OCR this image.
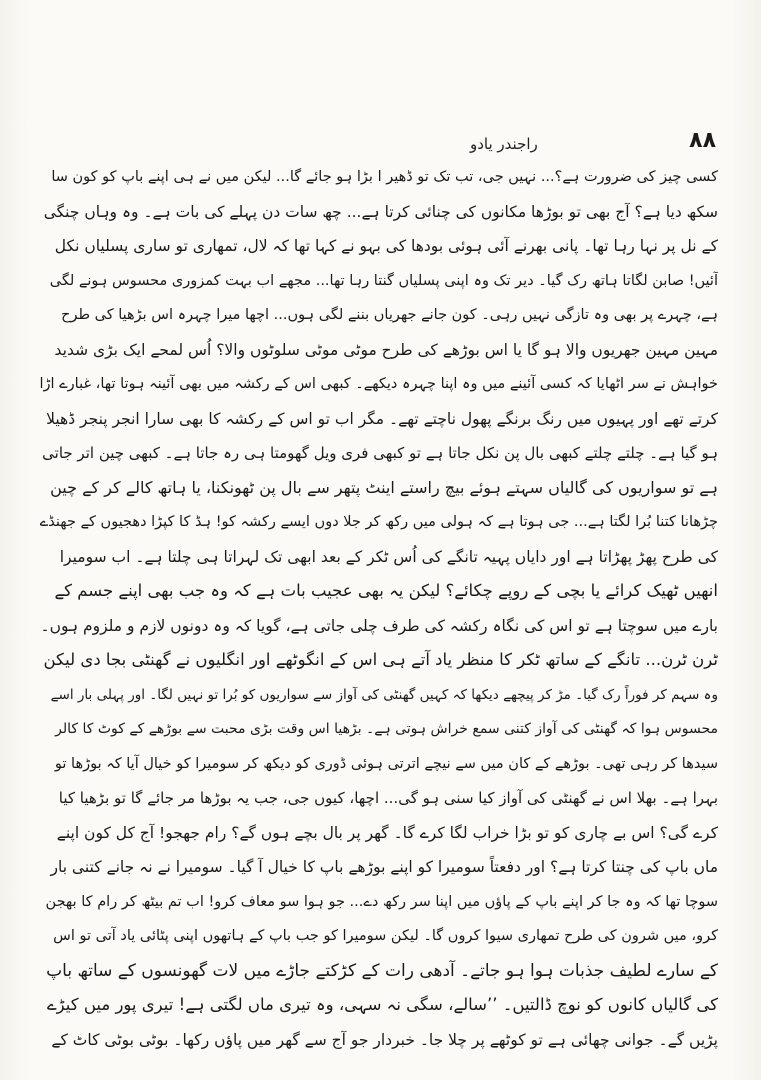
۸۸
راجندر یادو
کسی چیز کی ضرورت ہے؟... نہیں جی، تب تک تو ڈھیر ا بڑا ہو جائے گا... لیکن میں نے ہی اپنے باپ کو کون سا
سکھ دیا ہے؟ آج بھی تو بوڑھا مکانوں کی چنائی کرتا ہے... چھ سات دن پہلے کی بات ہے۔ وہ وہاں چنگی
کے نل پر نہا رہا تھا۔ پانی بھرنے آئی ہوئی بودھا کی بہو نے کہا تھا کہ لال، تمھاری تو ساری پسلیاں نکل
آئیں! صابن لگاتا ہاتھ رک گیا۔ دیر تک وہ اپنی پسلیاں گنتا رہا تھا... مجھے اب بہت کمزوری محسوس ہونے لگی
ہے، چہرے پر بھی وہ تازگی نہیں رہی۔ کون جانے جھریاں بننے لگی ہوں... اچھا میرا چہرہ اس بڑھیا کی طرح
مہین مہین جھریوں والا ہو گا یا اس بوڑھے کی طرح موٹی موٹی سلوٹوں والا؟ اُس لمحے ایک بڑی شدید
خواہش نے سر اٹھایا کہ کسی آئینے میں وہ اپنا چہرہ دیکھے۔ کبھی اس کے رکشہ میں بھی آئینہ ہوتا تھا، غبارے اڑا
کرتے تھے اور پہیوں میں رنگ برنگے پھول ناچتے تھے۔ مگر اب تو اس کے رکشہ کا بھی سارا انجر پنجر ڈھیلا
ہو گیا ہے۔ چلتے چلتے کبھی بال پن نکل جاتا ہے تو کبھی فری ویل گھومتا ہی رہ جاتا ہے۔ کبھی چین اتر جاتی
ہے تو سواریوں کی گالیاں سہتے ہوئے بیچ راستے اینٹ پتھر سے بال پن ٹھونکنا، یا ہاتھ کالے کر کے چین
چڑھانا کتنا بُرا لگتا ہے... جی ہوتا ہے کہ ہولی میں رکھ کر جلا دوں ایسے رکشہ کو! ہڈ کا کپڑا دھجیوں کے جھنڈے
کی طرح پھڑ پھڑاتا ہے اور دایاں پہیہ تانگے کی اُس ٹکر کے بعد ابھی تک لہراتا ہی چلتا ہے۔ اب سومیرا
انھیں ٹھیک کرائے یا بچی کے روپے چکائے؟ لیکن یہ بھی عجیب بات ہے کہ وہ جب بھی اپنے جسم کے
بارے میں سوچتا ہے تو اس کی نگاہ رکشہ کی طرف چلی جاتی ہے، گویا کہ وہ دونوں لازم و ملزوم ہوں۔
ٹرن ٹرن... تانگے کے ساتھ ٹکر کا منظر یاد آتے ہی اس کے انگوٹھے اور انگلیوں نے گھنٹی بجا دی لیکن
وہ سہم کر فوراً رک گیا۔ مڑ کر پیچھے دیکھا کہ کہیں گھنٹی کی آواز سے سواریوں کو بُرا تو نہیں لگا۔ اور پہلی بار اسے
محسوس ہوا کہ گھنٹی کی آواز کتنی سمع خراش ہوتی ہے۔ بڑھیا اس وقت بڑی محبت سے بوڑھے کے کوٹ کا کالر
سیدھا کر رہی تھی۔ بوڑھے کے کان میں سے نیچے اترتی ہوئی ڈوری کو دیکھ کر سومیرا کو خیال آیا کہ بوڑھا تو
بہرا ہے۔ بھلا اس نے گھنٹی کی آواز کیا سنی ہو گی... اچھا، کیوں جی، جب یہ بوڑھا مر جائے گا تو بڑھیا کیا
کرے گی؟ اس بے چاری کو تو بڑا خراب لگا کرے گا۔ گھر پر بال بچے ہوں گے؟ رام جھجو! آج کل کون اپنے
ماں باپ کی چنتا کرتا ہے؟ اور دفعتاً سومیرا کو اپنے بوڑھے باپ کا خیال آ گیا۔ سومیرا نے نہ جانے کتنی بار
سوچا تھا کہ وہ جا کر اپنے باپ کے پاؤں میں اپنا سر رکھ دے... جو ہوا سو معاف کرو! اب تم بیٹھ کر رام کا بھجن
کرو، میں شرون کی طرح تمھاری سیوا کروں گا۔ لیکن سومیرا کو جب باپ کے ہاتھوں اپنی پٹائی یاد آتی تو اس
کے سارے لطیف جذبات ہوا ہو جاتے۔ آدھی رات کے کڑکتے جاڑے میں لات گھونسوں کے ساتھ باپ
کی گالیاں کانوں کو نوچ ڈالتیں۔ ’’سالے، سگی نہ سہی، وہ تیری ماں لگتی ہے! تیری پور میں کیڑے
پڑیں گے۔ جوانی چھائی ہے تو کوٹھے پر چلا جا۔ خبردار جو آج سے گھر میں پاؤں رکھا۔ بوٹی بوٹی کاٹ کے
